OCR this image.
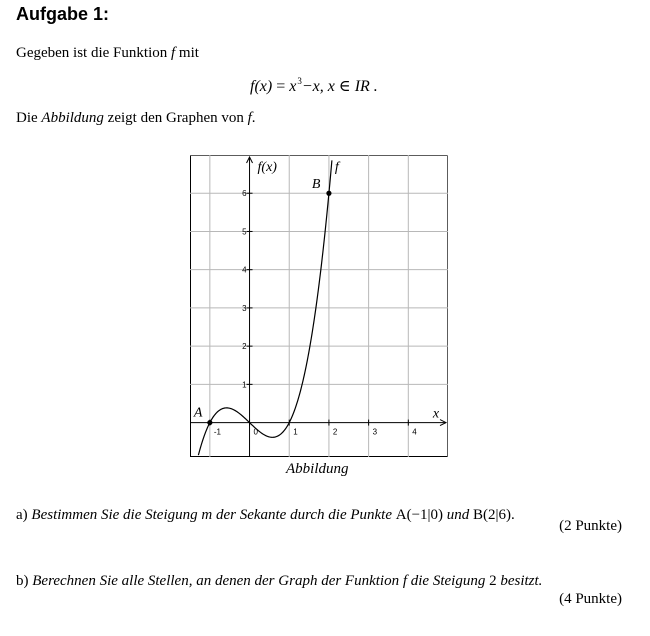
Aufgabe 1:

Gegeben ist die Funktion f mit

$f(x) = x^3-x$, x ∈ IR .

Die Abbildung zeigt den Graphen von f.

-1	0	1	2	3	4
1
2
3
4
5
6
f(x)
x
f
A
B
Abbildung

a) Bestimmen Sie die Steigung m der Sekante durch die Punkte A(−1|0) und B(2|6).

(2 Punkte)

b) Berechnen Sie alle Stellen, an denen der Graph der Funktion f die Steigung 2 besitzt.

(4 Punkte)
